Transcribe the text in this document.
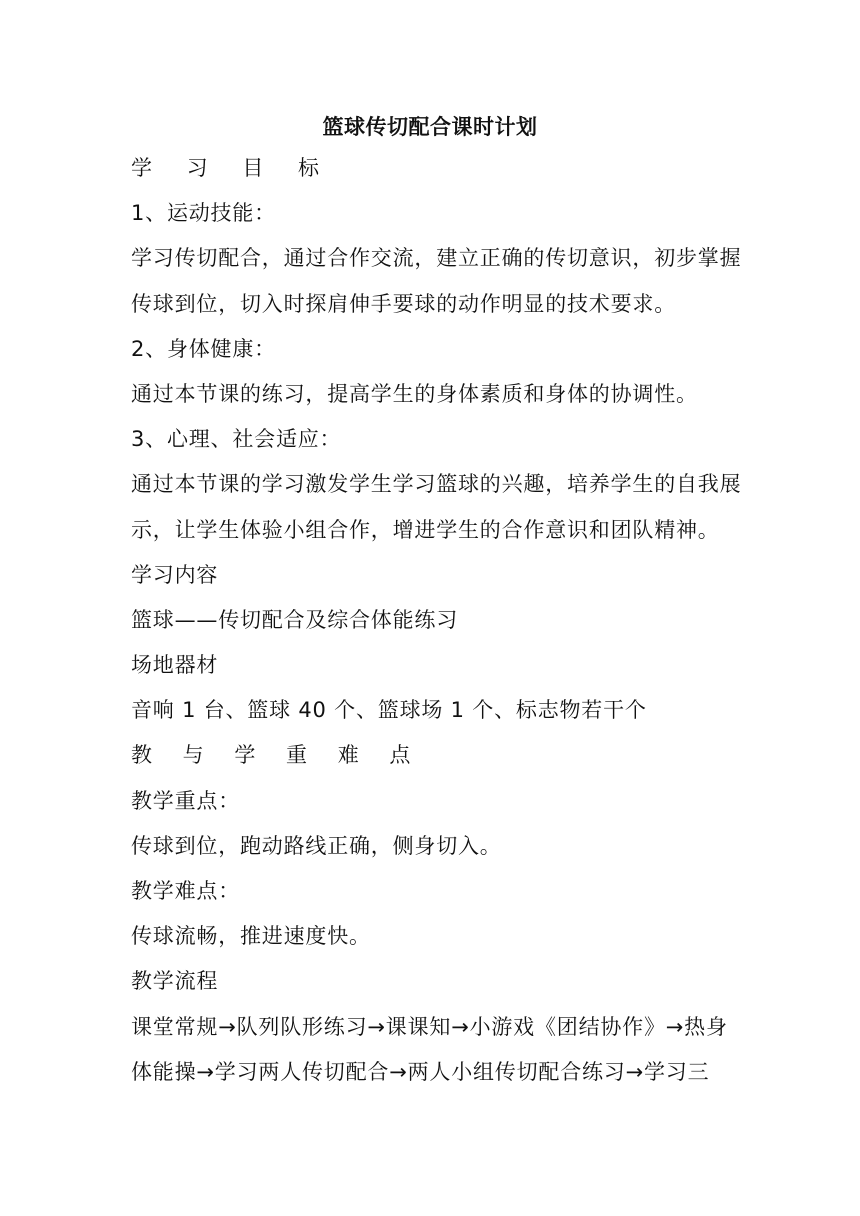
篮球传切配合课时计划
学 习 目 标
1、运动技能：
学习传切配合，通过合作交流，建立正确的传切意识，初步掌握
传球到位，切入时探肩伸手要球的动作明显的技术要求。
2、身体健康：
通过本节课的练习，提高学生的身体素质和身体的协调性。
3、心理、社会适应：
通过本节课的学习激发学生学习篮球的兴趣，培养学生的自我展
示，让学生体验小组合作，增进学生的合作意识和团队精神。
学习内容
篮球——传切配合及综合体能练习
场地器材
音响 1 台、篮球 40 个、篮球场 1 个、标志物若干个
教 与 学 重 难 点
教学重点：
传球到位，跑动路线正确，侧身切入。
教学难点：
传球流畅，推进速度快。
教学流程
课堂常规→队列队形练习→课课知→小游戏《团结协作》→热身
体能操→学习两人传切配合→两人小组传切配合练习→学习三
